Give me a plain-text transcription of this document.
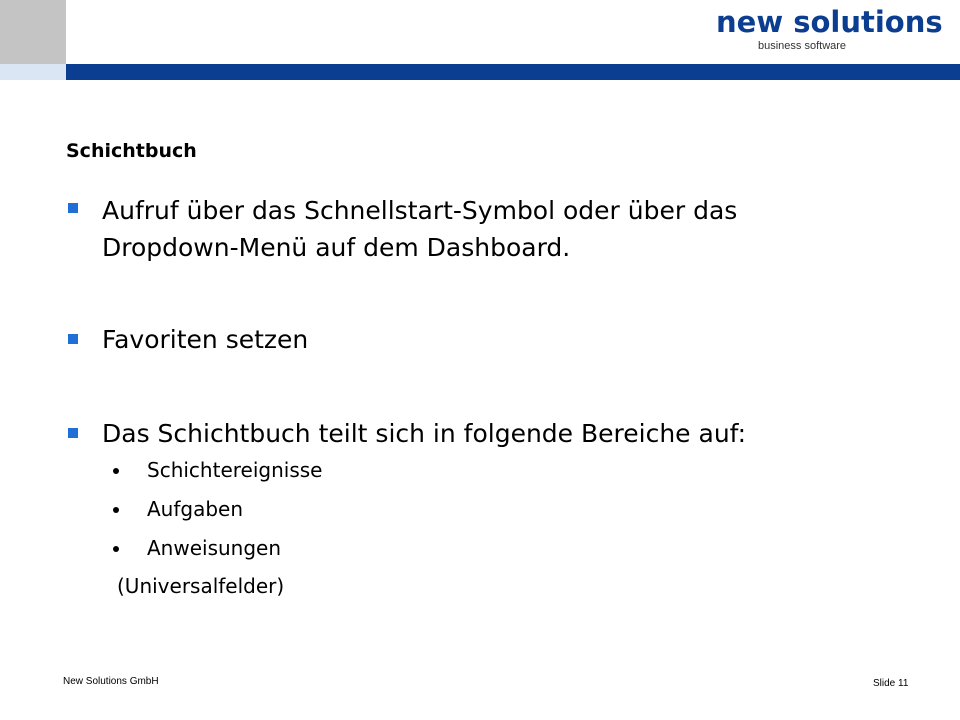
new solutions
business software
Schichtbuch
Aufruf über das Schnellstart-Symbol oder über das
Dropdown-Menü auf dem Dashboard.
Favoriten setzen
Das Schichtbuch teilt sich in folgende Bereiche auf:
Schichtereignisse
Aufgaben
Anweisungen
(Universalfelder)
New Solutions GmbH	Slide 11
